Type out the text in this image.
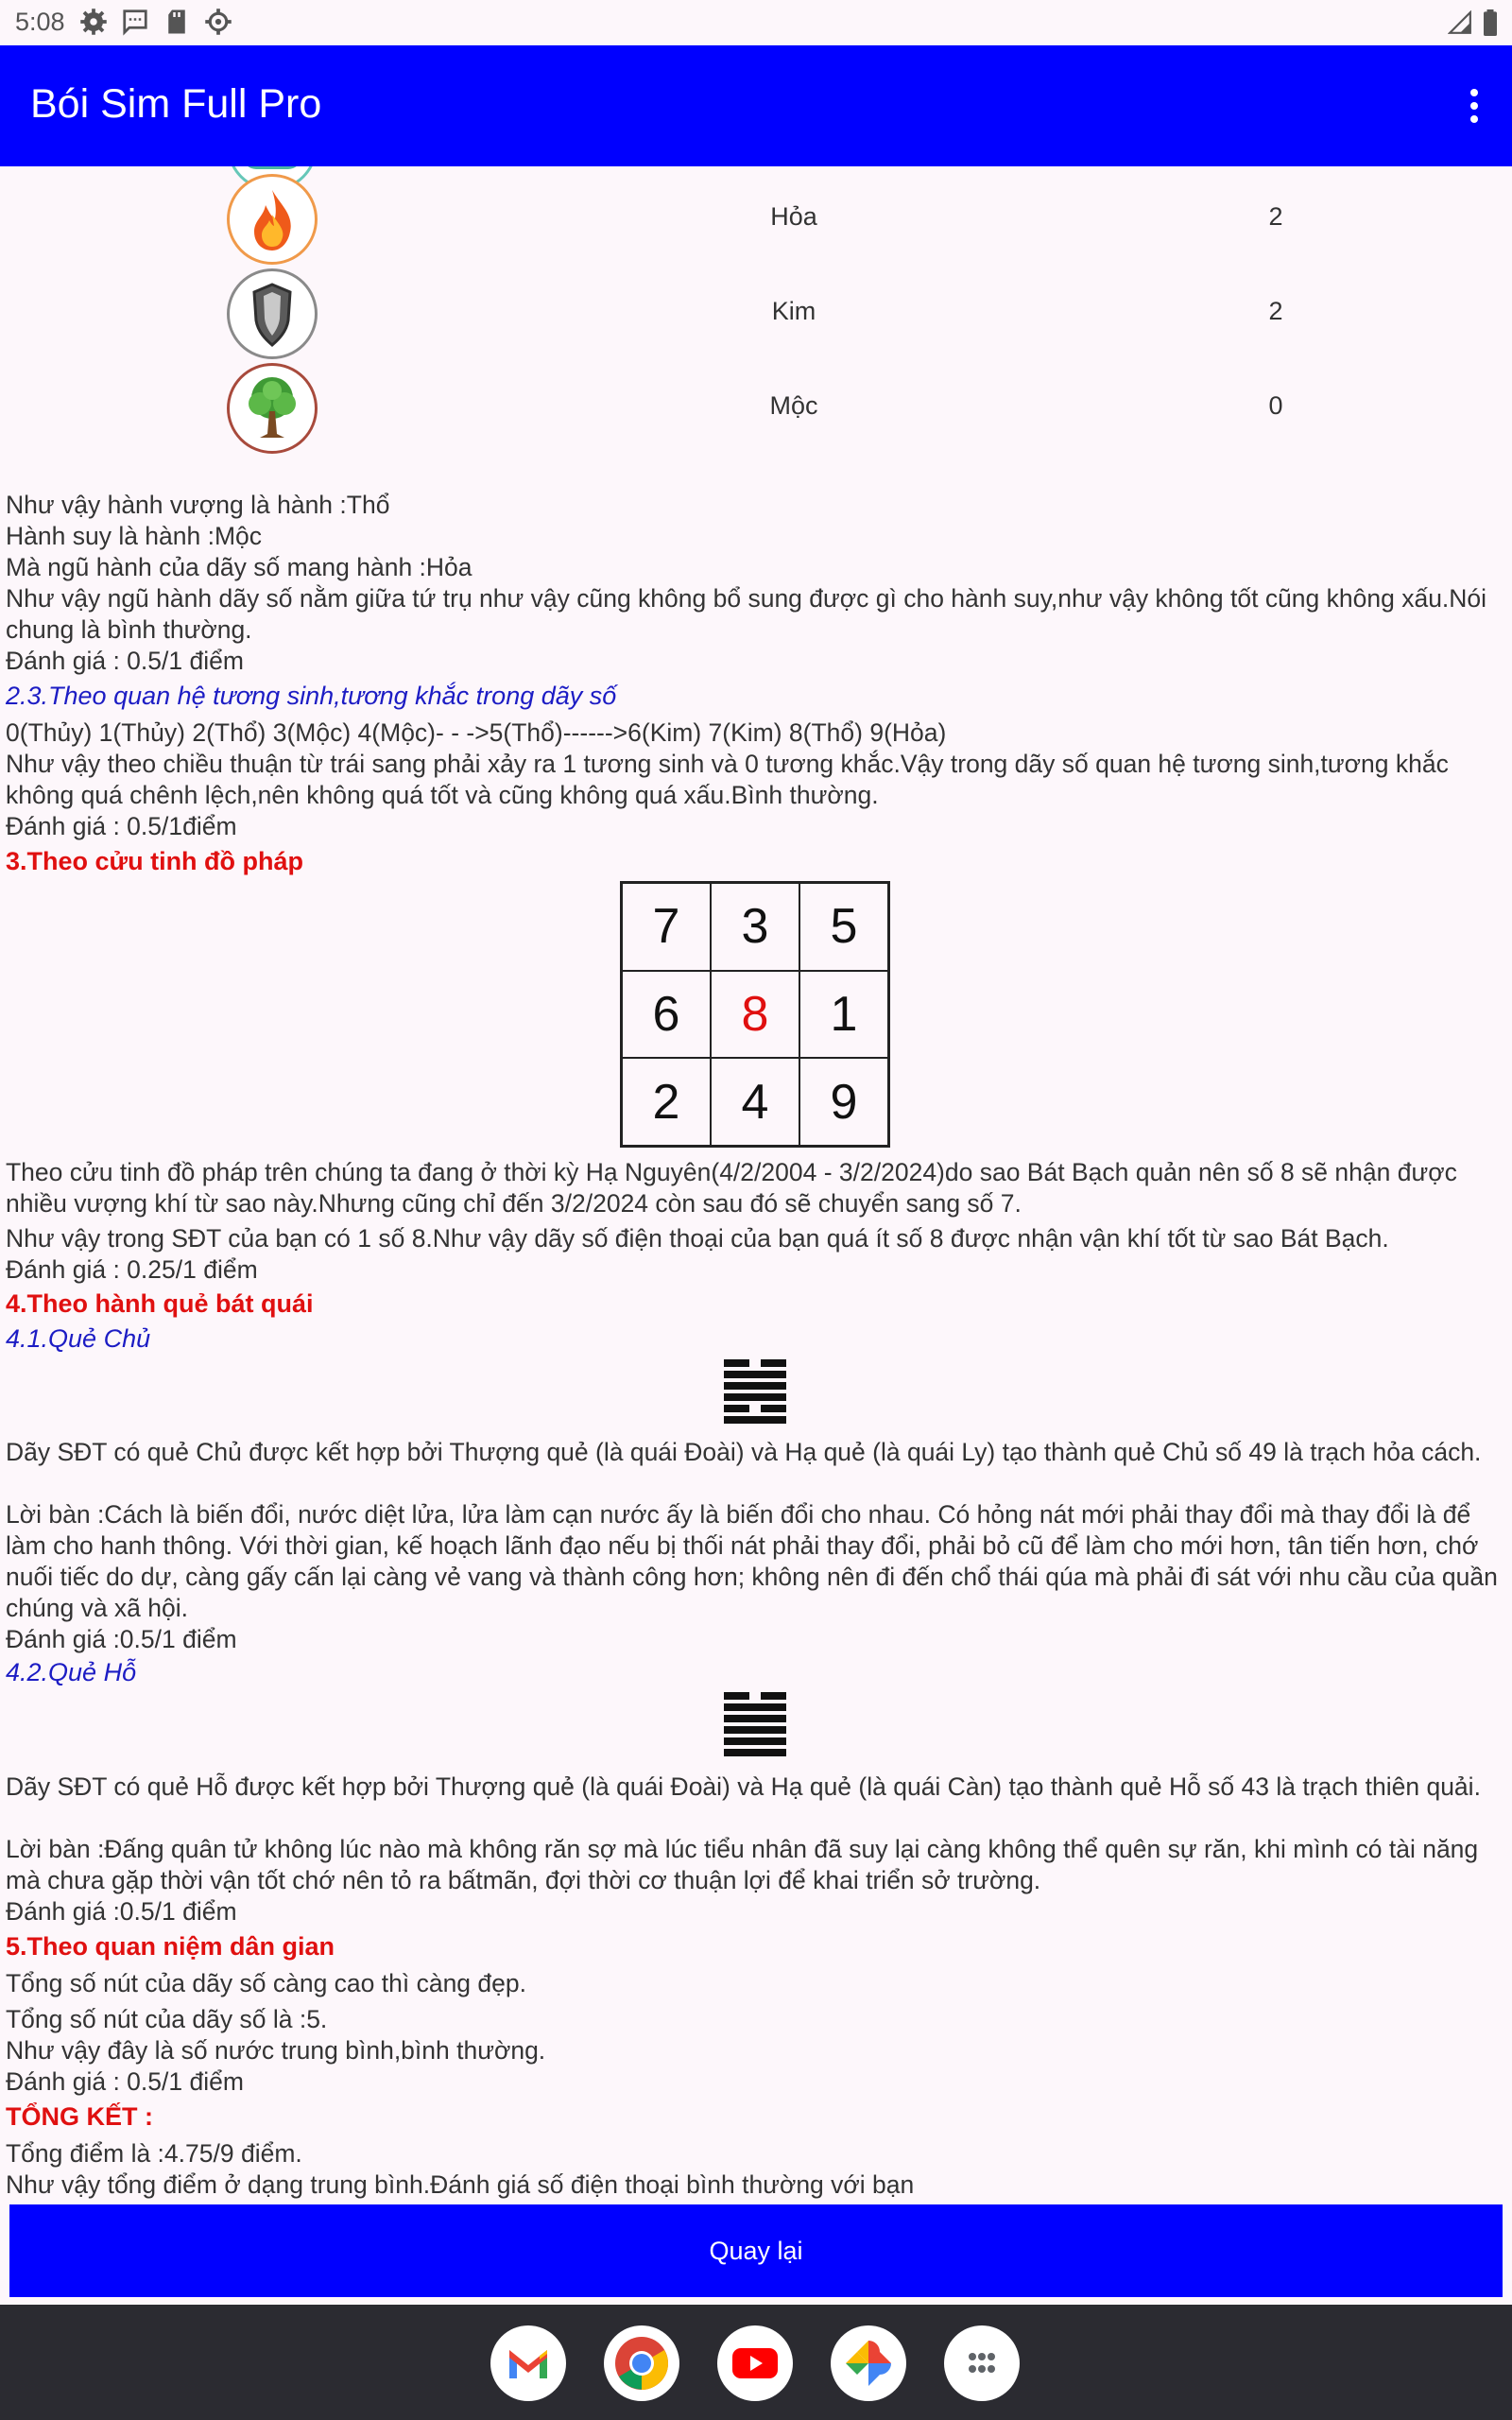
5:08
Bói Sim Full Pro
Hỏa	2
Kim	2
Mộc	0
Như vậy hành vượng là hành :Thổ
Hành suy là hành :Mộc
Mà ngũ hành của dãy số mang hành :Hỏa
Như vậy ngũ hành dãy số nằm giữa tứ trụ như vậy cũng không bổ sung được gì cho hành suy,như vậy không tốt cũng không xấu.Nói chung là bình thường.
Đánh giá : 0.5/1 điểm
2.3.Theo quan hệ tương sinh,tương khắc trong dãy số
0(Thủy) 1(Thủy) 2(Thổ) 3(Mộc) 4(Mộc)- - ->5(Thổ)------>6(Kim) 7(Kim) 8(Thổ) 9(Hỏa)
Như vậy theo chiều thuận từ trái sang phải xảy ra 1 tương sinh và 0 tương khắc.Vậy trong dãy số quan hệ tương sinh,tương khắc không quá chênh lệch,nên không quá tốt và cũng không quá xấu.Bình thường.
Đánh giá : 0.5/1điểm
3.Theo cửu tinh đồ pháp
7	3	5
6	8	1
2	4	9
Theo cửu tinh đồ pháp trên chúng ta đang ở thời kỳ Hạ Nguyên(4/2/2004 - 3/2/2024)do sao Bát Bạch quản nên số 8 sẽ nhận được nhiều vượng khí từ sao này.Nhưng cũng chỉ đến 3/2/2024 còn sau đó sẽ chuyển sang số 7.
Như vậy trong SĐT của bạn có 1 số 8.Như vậy dãy số điện thoại của bạn quá ít số 8 được nhận vận khí tốt từ sao Bát Bạch.
Đánh giá : 0.25/1 điểm
4.Theo hành quẻ bát quái
4.1.Quẻ Chủ
Dãy SĐT có quẻ Chủ được kết hợp bởi Thượng quẻ (là quái Đoài) và Hạ quẻ (là quái Ly) tạo thành quẻ Chủ số 49 là trạch hỏa cách.
Lời bàn :Cách là biến đổi, nước diệt lửa, lửa làm cạn nước ấy là biến đổi cho nhau. Có hỏng nát mới phải thay đổi mà thay đổi là để làm cho hanh thông. Với thời gian, kế hoạch lãnh đạo nếu bị thối nát phải thay đổi, phải bỏ cũ để làm cho mới hơn, tân tiến hơn, chớ nuối tiếc do dự, càng gấy cấn lại càng vẻ vang và thành công hơn; không nên đi đến chổ thái qúa mà phải đi sát với nhu cầu của quần chúng và xã hội.
Đánh giá :0.5/1 điểm
4.2.Quẻ Hỗ
Dãy SĐT có quẻ Hỗ được kết hợp bởi Thượng quẻ (là quái Đoài) và Hạ quẻ (là quái Càn) tạo thành quẻ Hỗ số 43 là trạch thiên quải.
Lời bàn :Đấng quân tử không lúc nào mà không răn sợ mà lúc tiểu nhân đã suy lại càng không thể quên sự răn, khi mình có tài năng mà chưa gặp thời vận tốt chớ nên tỏ ra bấtmãn, đợi thời cơ thuận lợi để khai triển sở trường.
Đánh giá :0.5/1 điểm
5.Theo quan niệm dân gian
Tổng số nút của dãy số càng cao thì càng đẹp.
Tổng số nút của dãy số là :5.
Như vậy đây là số nước trung bình,bình thường.
Đánh giá : 0.5/1 điểm
TỔNG KẾT :
Tổng điểm là :4.75/9 điểm.
Như vậy tổng điểm ở dạng trung bình.Đánh giá số điện thoại bình thường với bạn
Quay lại
